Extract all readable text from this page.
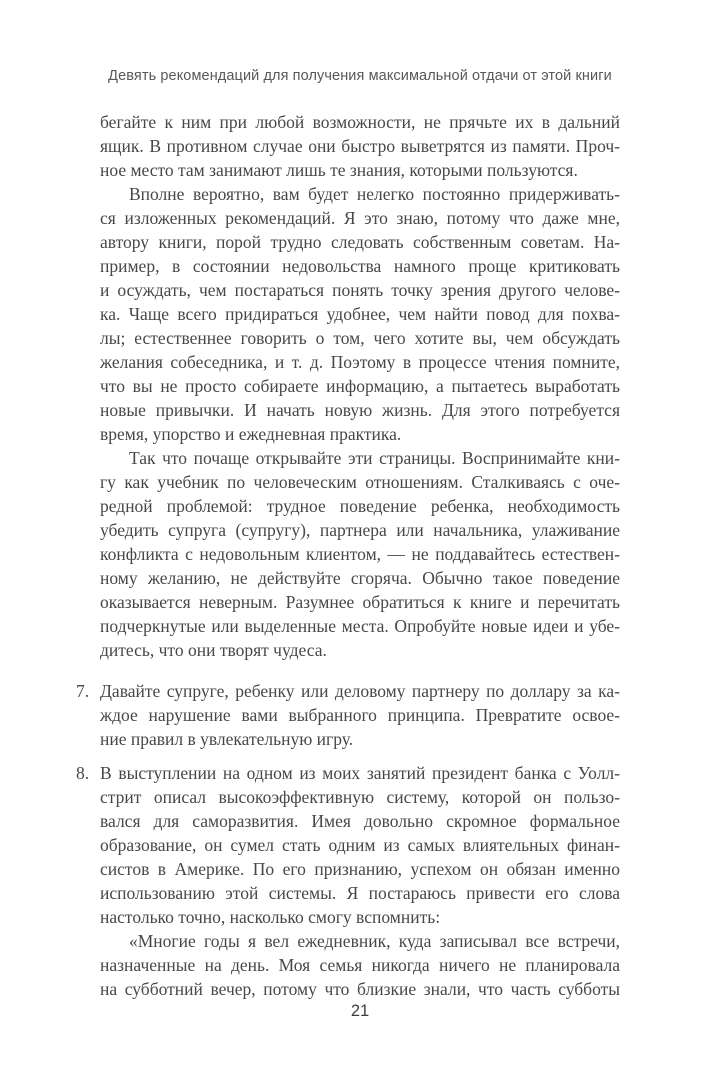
Девять рекомендаций для получения максимальной отдачи от этой книги
бегайте к ним при любой возможности, не прячьте их в дальний
ящик. В противном случае они быстро выветрятся из памяти. Проч-
ное место там занимают лишь те знания, которыми пользуются.
Вполне вероятно, вам будет нелегко постоянно придерживать-
ся изложенных рекомендаций. Я это знаю, потому что даже мне,
автору книги, порой трудно следовать собственным советам. На-
пример, в состоянии недовольства намного проще критиковать
и осуждать, чем постараться понять точку зрения другого челове-
ка. Чаще всего придираться удобнее, чем найти повод для похва-
лы; естественнее говорить о том, чего хотите вы, чем обсуждать
желания собеседника, и т. д. Поэтому в процессе чтения помните,
что вы не просто собираете информацию, а пытаетесь выработать
новые привычки. И начать новую жизнь. Для этого потребуется
время, упорство и ежедневная практика.
Так что почаще открывайте эти страницы. Воспринимайте кни-
гу как учебник по человеческим отношениям. Сталкиваясь с оче-
редной проблемой: трудное поведение ребенка, необходимость
убедить супруга (супругу), партнера или начальника, улаживание
конфликта с недовольным клиентом, — не поддавайтесь естествен-
ному желанию, не действуйте сгоряча. Обычно такое поведение
оказывается неверным. Разумнее обратиться к книге и перечитать
подчеркнутые или выделенные места. Опробуйте новые идеи и убе-
дитесь, что они творят чудеса.
7. Давайте супруге, ребенку или деловому партнеру по доллару за ка-
ждое нарушение вами выбранного принципа. Превратите освое-
ние правил в увлекательную игру.
8. В выступлении на одном из моих занятий президент банка с Уолл-
стрит описал высокоэффективную систему, которой он пользо-
вался для саморазвития. Имея довольно скромное формальное
образование, он сумел стать одним из самых влиятельных финан-
систов в Америке. По его признанию, успехом он обязан именно
использованию этой системы. Я постараюсь привести его слова
настолько точно, насколько смогу вспомнить:
«Многие годы я вел ежедневник, куда записывал все встречи,
назначенные на день. Моя семья никогда ничего не планировала
на субботний вечер, потому что близкие знали, что часть субботы
21
